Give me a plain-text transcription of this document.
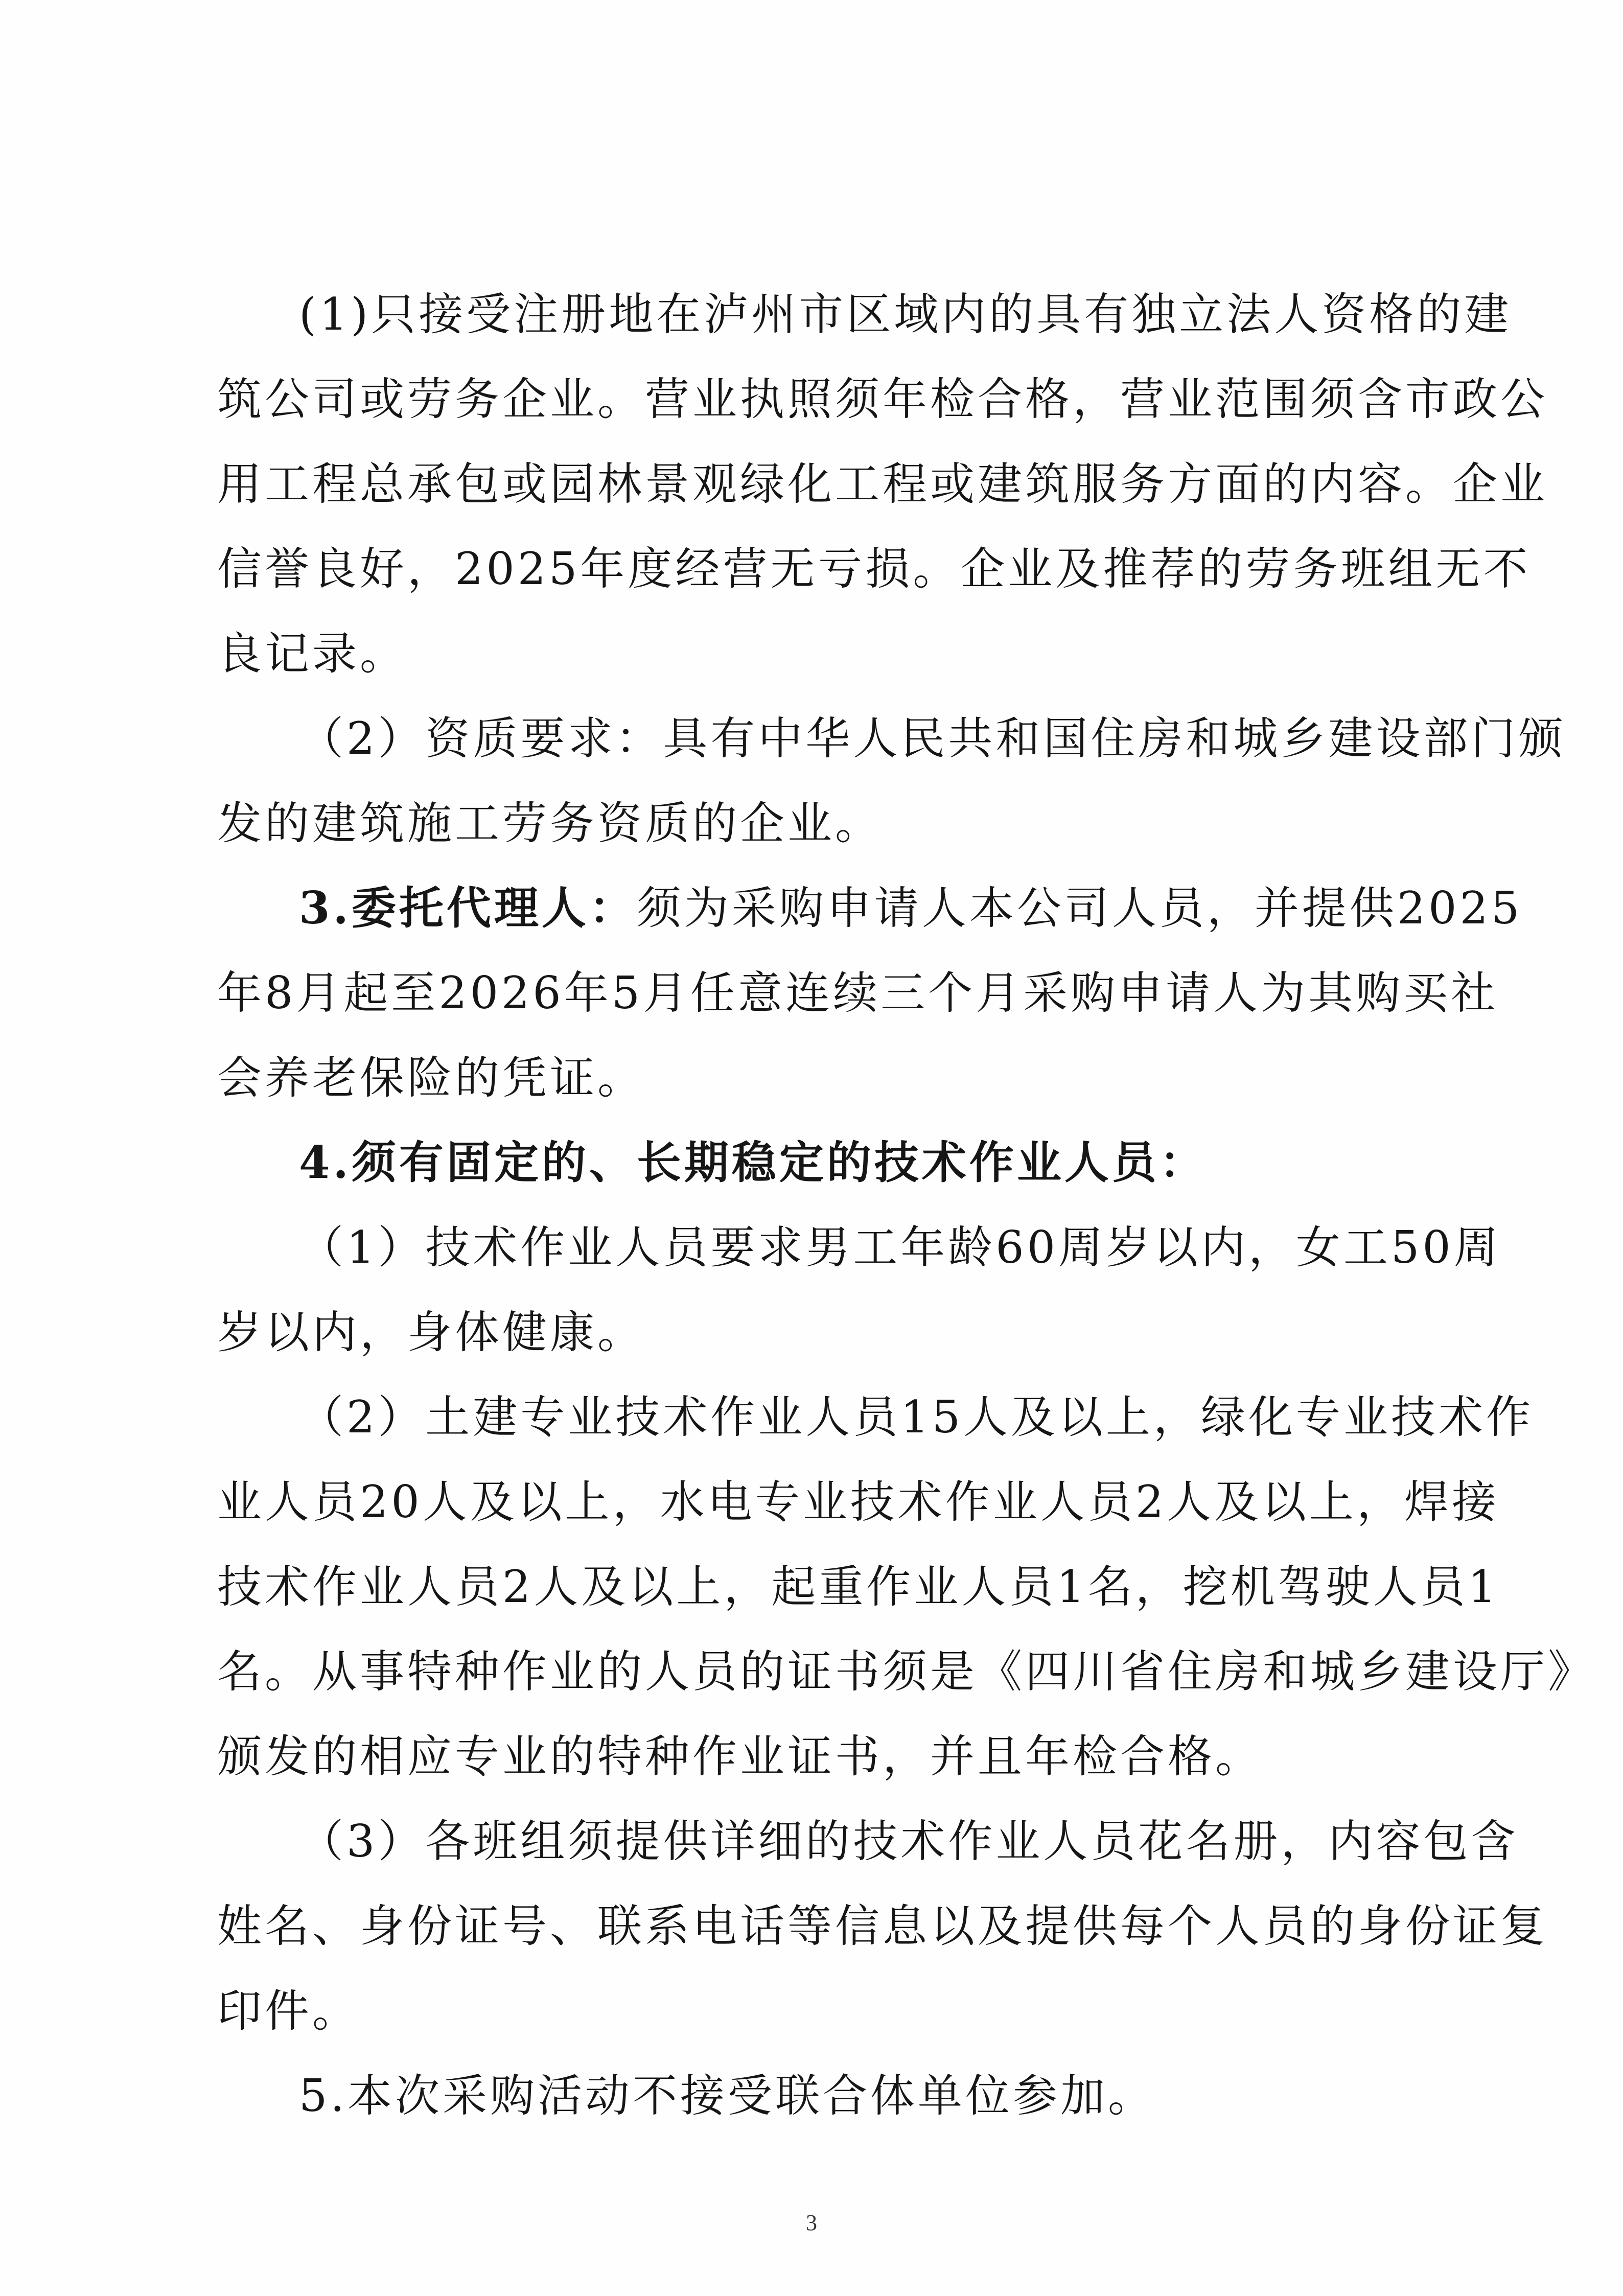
(1)只接受注册地在泸州市区域内的具有独立法人资格的建
筑公司或劳务企业。营业执照须年检合格，营业范围须含市政公
用工程总承包或园林景观绿化工程或建筑服务方面的内容。企业
信誉良好，2025年度经营无亏损。企业及推荐的劳务班组无不
良记录。
（2）资质要求：具有中华人民共和国住房和城乡建设部门颁
发的建筑施工劳务资质的企业。
3.委托代理人：须为采购申请人本公司人员，并提供2025
年8月起至2026年5月任意连续三个月采购申请人为其购买社
会养老保险的凭证。
4.须有固定的、长期稳定的技术作业人员：
（1）技术作业人员要求男工年龄60周岁以内，女工50周
岁以内，身体健康。
（2）土建专业技术作业人员15人及以上，绿化专业技术作
业人员20人及以上，水电专业技术作业人员2人及以上，焊接
技术作业人员2人及以上，起重作业人员1名，挖机驾驶人员1
名。从事特种作业的人员的证书须是《四川省住房和城乡建设厅》
颁发的相应专业的特种作业证书，并且年检合格。
（3）各班组须提供详细的技术作业人员花名册，内容包含
姓名、身份证号、联系电话等信息以及提供每个人员的身份证复
印件。
5.本次采购活动不接受联合体单位参加。
3
